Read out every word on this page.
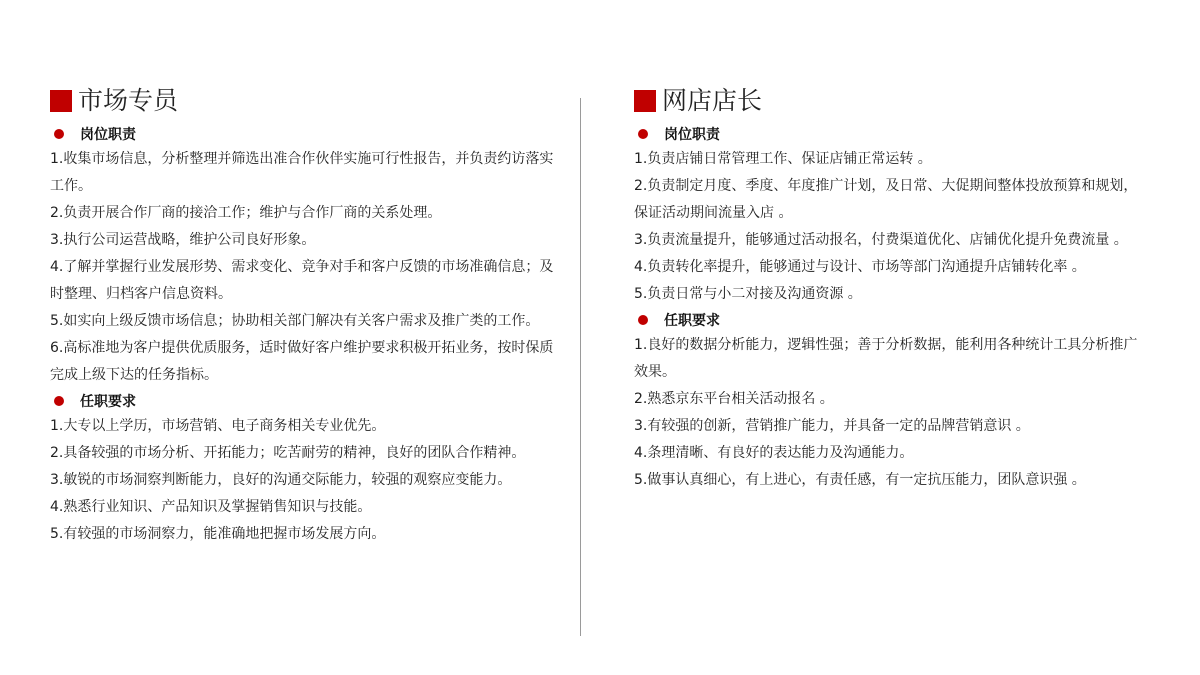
市场专员
岗位职责
1.收集市场信息，分析整理并筛选出准合作伙伴实施可行性报告，并负责约访落实工作。
2.负责开展合作厂商的接洽工作；维护与合作厂商的关系处理。
3.执行公司运营战略，维护公司良好形象。
4.了解并掌握行业发展形势、需求变化、竞争对手和客户反馈的市场准确信息；及时整理、归档客户信息资料。
5.如实向上级反馈市场信息；协助相关部门解决有关客户需求及推广类的工作。
6.高标准地为客户提供优质服务，适时做好客户维护要求积极开拓业务，按时保质完成上级下达的任务指标。
任职要求
1.大专以上学历，市场营销、电子商务相关专业优先。
2.具备较强的市场分析、开拓能力；吃苦耐劳的精神，良好的团队合作精神。
3.敏锐的市场洞察判断能力，良好的沟通交际能力，较强的观察应变能力。
4.熟悉行业知识、产品知识及掌握销售知识与技能。
5.有较强的市场洞察力，能准确地把握市场发展方向。
网店店长
岗位职责
1.负责店铺日常管理工作、保证店铺正常运转 。
2.负责制定月度、季度、年度推广计划，及日常、大促期间整体投放预算和规划，保证活动期间流量入店 。
3.负责流量提升，能够通过活动报名，付费渠道优化、店铺优化提升免费流量 。
4.负责转化率提升，能够通过与设计、市场等部门沟通提升店铺转化率 。
5.负责日常与小二对接及沟通资源 。
任职要求
1.良好的数据分析能力，逻辑性强；善于分析数据，能利用各种统计工具分析推广效果。
2.熟悉京东平台相关活动报名 。
3.有较强的创新，营销推广能力，并具备一定的品牌营销意识 。
4.条理清晰、有良好的表达能力及沟通能力。
5.做事认真细心，有上进心，有责任感，有一定抗压能力，团队意识强 。
